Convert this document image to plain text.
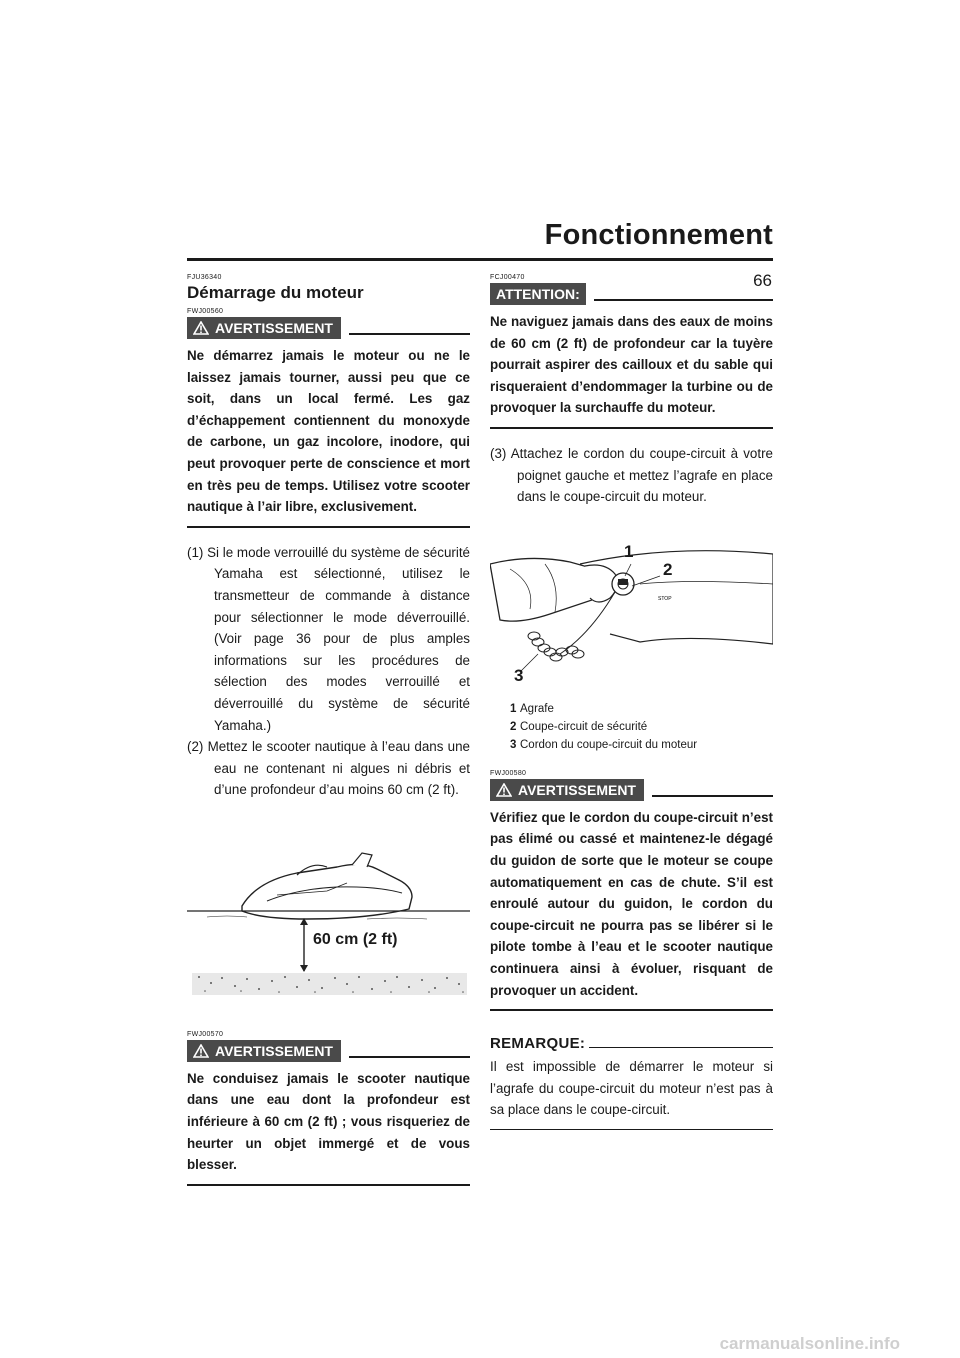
Fonctionnement
66
FJU36340
Démarrage du moteur
FWJ00560
AVERTISSEMENT

Ne démarrez jamais le moteur ou ne le laissez jamais tourner, aussi peu que ce soit, dans un local fermé. Les gaz d’échappement contiennent du monoxyde de carbone, un gaz incolore, inodore, qui peut provoquer perte de conscience et mort en très peu de temps. Utilisez votre scooter nautique à l’air libre, exclusivement.

(1) Si le mode verrouillé du système de sécurité Yamaha est sélectionné, utilisez le transmetteur de commande à distance pour sélectionner le mode déverrouillé. (Voir page 36 pour de plus amples informations sur les procédures de sélection des modes verrouillé et déverrouillé du système de sécurité Yamaha.)
(2) Mettez le scooter nautique à l’eau dans une eau ne contenant ni algues ni débris et d’une profondeur d’au moins 60 cm (2 ft).
60 cm (2 ft)
FWJ00570
AVERTISSEMENT

Ne conduisez jamais le scooter nautique dans une eau dont la profondeur est inférieure à 60 cm (2 ft) ; vous risqueriez de heurter un objet immergé et de vous blesser.

FCJ00470
ATTENTION:

Ne naviguez jamais dans des eaux de moins de 60 cm (2 ft) de profondeur car la tuyère pourrait aspirer des cailloux et du sable qui risqueraient d’endommager la turbine ou de provoquer la surchauffe du moteur.

(3) Attachez le cordon du coupe-circuit à votre poignet gauche et mettez l’agrafe en place dans le coupe-circuit du moteur.
STOP
1
2
3
1 Agrafe
2 Coupe-circuit de sécurité
3 Cordon du coupe-circuit du moteur
FWJ00580
AVERTISSEMENT

Vérifiez que le cordon du coupe-circuit n’est pas élimé ou cassé et maintenez-le dégagé du guidon de sorte que le moteur se coupe automatiquement en cas de chute. S’il est enroulé autour du guidon, le cordon du coupe-circuit ne pourra pas se libérer si le pilote tombe à l’eau et le scooter nautique continuera ainsi à évoluer, risquant de provoquer un accident.

REMARQUE:

Il est impossible de démarrer le moteur si l’agrafe du coupe-circuit du moteur n’est pas à sa place dans le coupe-circuit.

carmanualsonline.info
